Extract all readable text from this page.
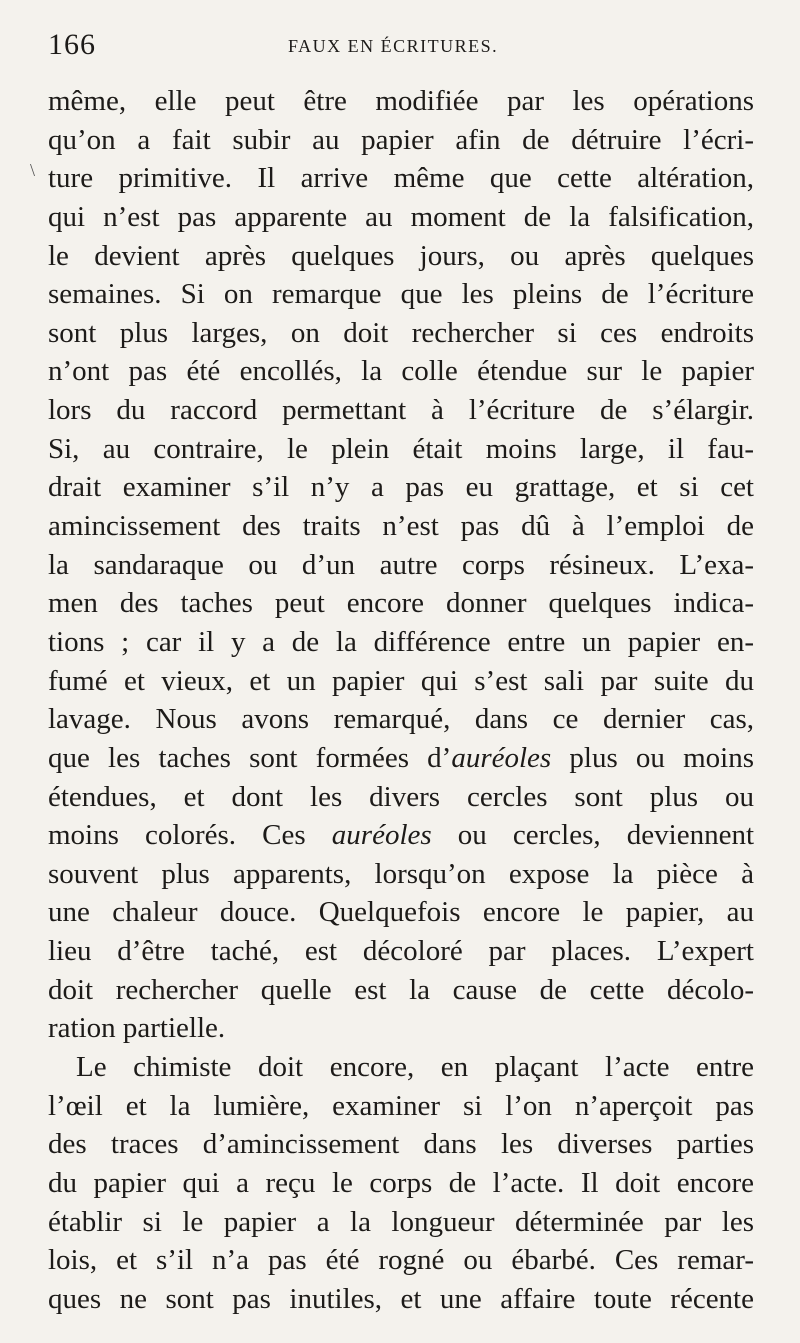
166	FAUX EN ÉCRITURES.
\
même, elle peut être modifiée par les opérations
qu’on a fait subir au papier afin de détruire l’écri-
ture primitive. Il arrive même que cette altération,
qui n’est pas apparente au moment de la falsification,
le devient après quelques jours, ou après quelques
semaines. Si on remarque que les pleins de l’écriture
sont plus larges, on doit rechercher si ces endroits
n’ont pas été encollés, la colle étendue sur le papier
lors du raccord permettant à l’écriture de s’élargir.
Si, au contraire, le plein était moins large, il fau-
drait examiner s’il n’y a pas eu grattage, et si cet
amincissement des traits n’est pas dû à l’emploi de
la sandaraque ou d’un autre corps résineux. L’exa-
men des taches peut encore donner quelques indica-
tions ; car il y a de la différence entre un papier en-
fumé et vieux, et un papier qui s’est sali par suite du
lavage. Nous avons remarqué, dans ce dernier cas,
que les taches sont formées d’auréoles plus ou moins
étendues, et dont les divers cercles sont plus ou
moins colorés. Ces auréoles ou cercles, deviennent
souvent plus apparents, lorsqu’on expose la pièce à
une chaleur douce. Quelquefois encore le papier, au
lieu d’être taché, est décoloré par places. L’expert
doit rechercher quelle est la cause de cette décolo-
ration partielle.
Le chimiste doit encore, en plaçant l’acte entre
l’œil et la lumière, examiner si l’on n’aperçoit pas
des traces d’amincissement dans les diverses parties
du papier qui a reçu le corps de l’acte. Il doit encore
établir si le papier a la longueur déterminée par les
lois, et s’il n’a pas été rogné ou ébarbé. Ces remar-
ques ne sont pas inutiles, et une affaire toute récente
